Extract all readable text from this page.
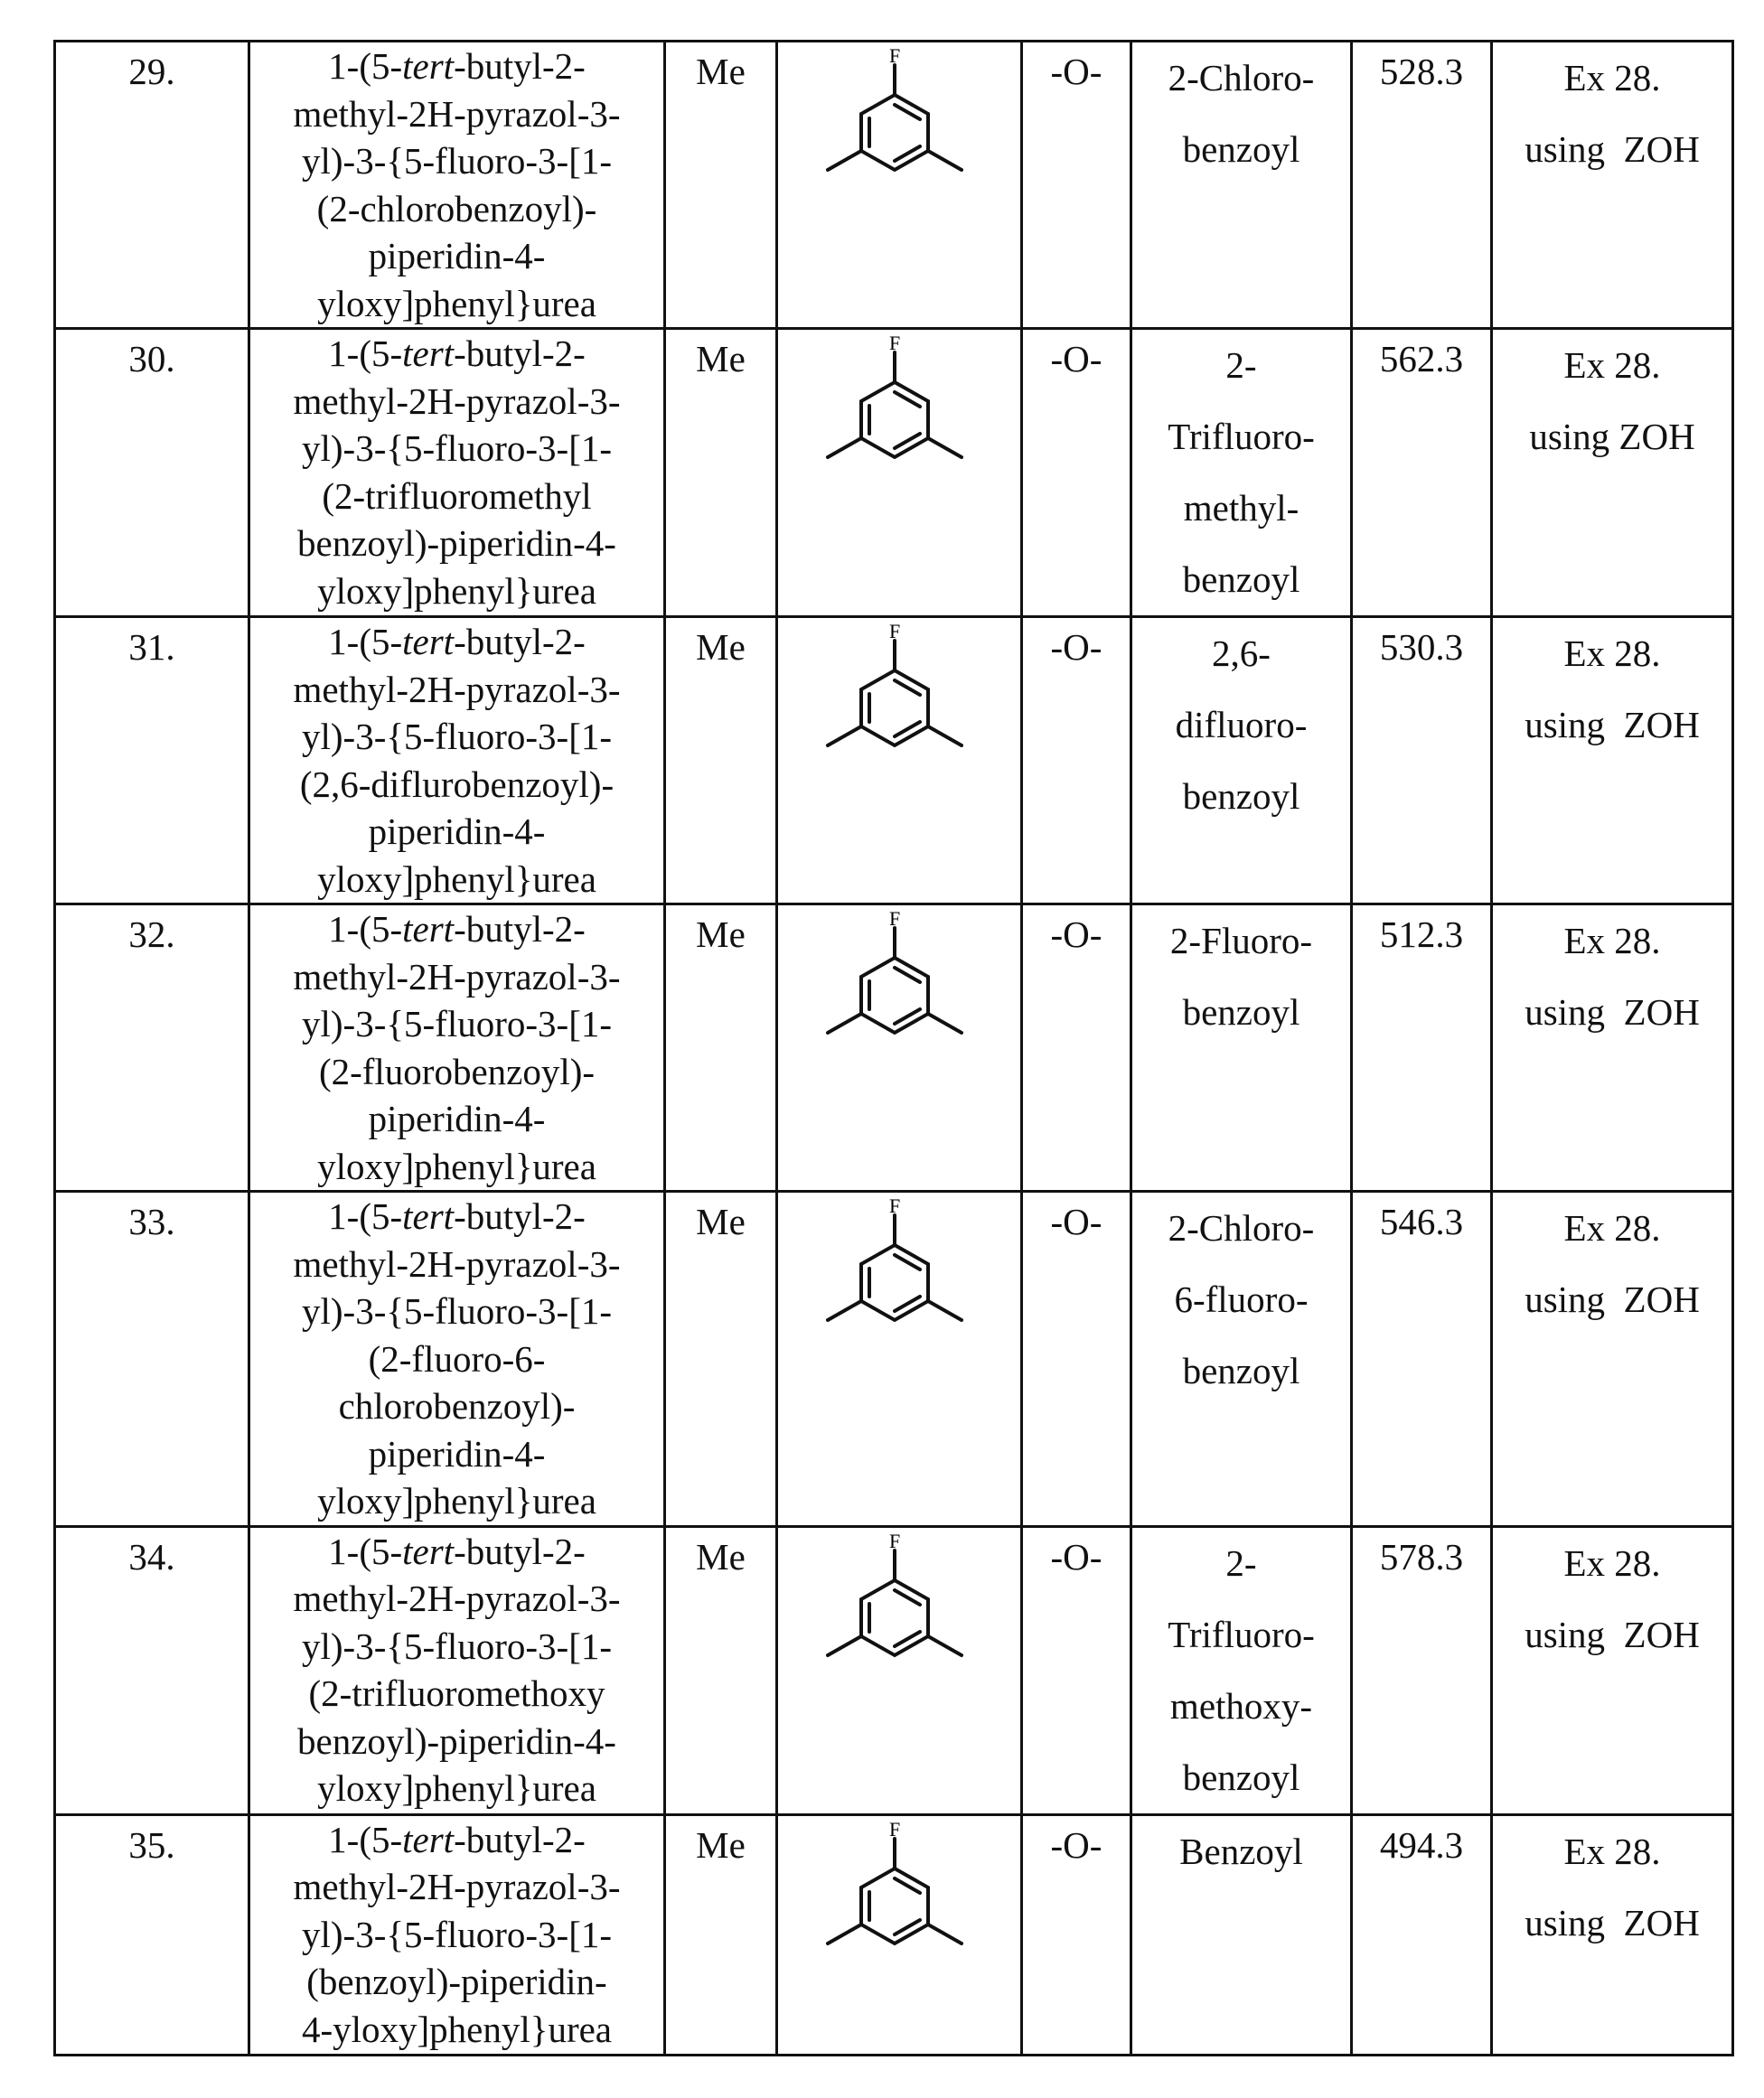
29.	1-(5-tert-butyl-2-
methyl-2H-pyrazol-3-
yl)-3-{5-fluoro-3-[1-
(2-chlorobenzoyl)-
piperidin-4-
yloxy]phenyl}urea
	Me	F	-O-	2-Chloro-
benzoyl
	528.3	Ex 28.
using  ZOH

30.	1-(5-tert-butyl-2-
methyl-2H-pyrazol-3-
yl)-3-{5-fluoro-3-[1-
(2-trifluoromethyl
benzoyl)-piperidin-4-
yloxy]phenyl}urea
	Me	F	-O-	2-
Trifluoro-
methyl-
benzoyl
	562.3	Ex 28.
using ZOH

31.	1-(5-tert-butyl-2-
methyl-2H-pyrazol-3-
yl)-3-{5-fluoro-3-[1-
(2,6-diflurobenzoyl)-
piperidin-4-
yloxy]phenyl}urea
	Me	F	-O-	2,6-
difluoro-
benzoyl
	530.3	Ex 28.
using  ZOH

32.	1-(5-tert-butyl-2-
methyl-2H-pyrazol-3-
yl)-3-{5-fluoro-3-[1-
(2-fluorobenzoyl)-
piperidin-4-
yloxy]phenyl}urea
	Me	F	-O-	2-Fluoro-
benzoyl
	512.3	Ex 28.
using  ZOH

33.	1-(5-tert-butyl-2-
methyl-2H-pyrazol-3-
yl)-3-{5-fluoro-3-[1-
(2-fluoro-6-
chlorobenzoyl)-
piperidin-4-
yloxy]phenyl}urea
	Me	F	-O-	2-Chloro-
6-fluoro-
benzoyl
	546.3	Ex 28.
using  ZOH

34.	1-(5-tert-butyl-2-
methyl-2H-pyrazol-3-
yl)-3-{5-fluoro-3-[1-
(2-trifluoromethoxy
benzoyl)-piperidin-4-
yloxy]phenyl}urea
	Me	F	-O-	2-
Trifluoro-
methoxy-
benzoyl
	578.3	Ex 28.
using  ZOH

35.	1-(5-tert-butyl-2-
methyl-2H-pyrazol-3-
yl)-3-{5-fluoro-3-[1-
(benzoyl)-piperidin-
4-yloxy]phenyl}urea
	Me	F	-O-	Benzoyl	494.3	Ex 28.
using  ZOH
